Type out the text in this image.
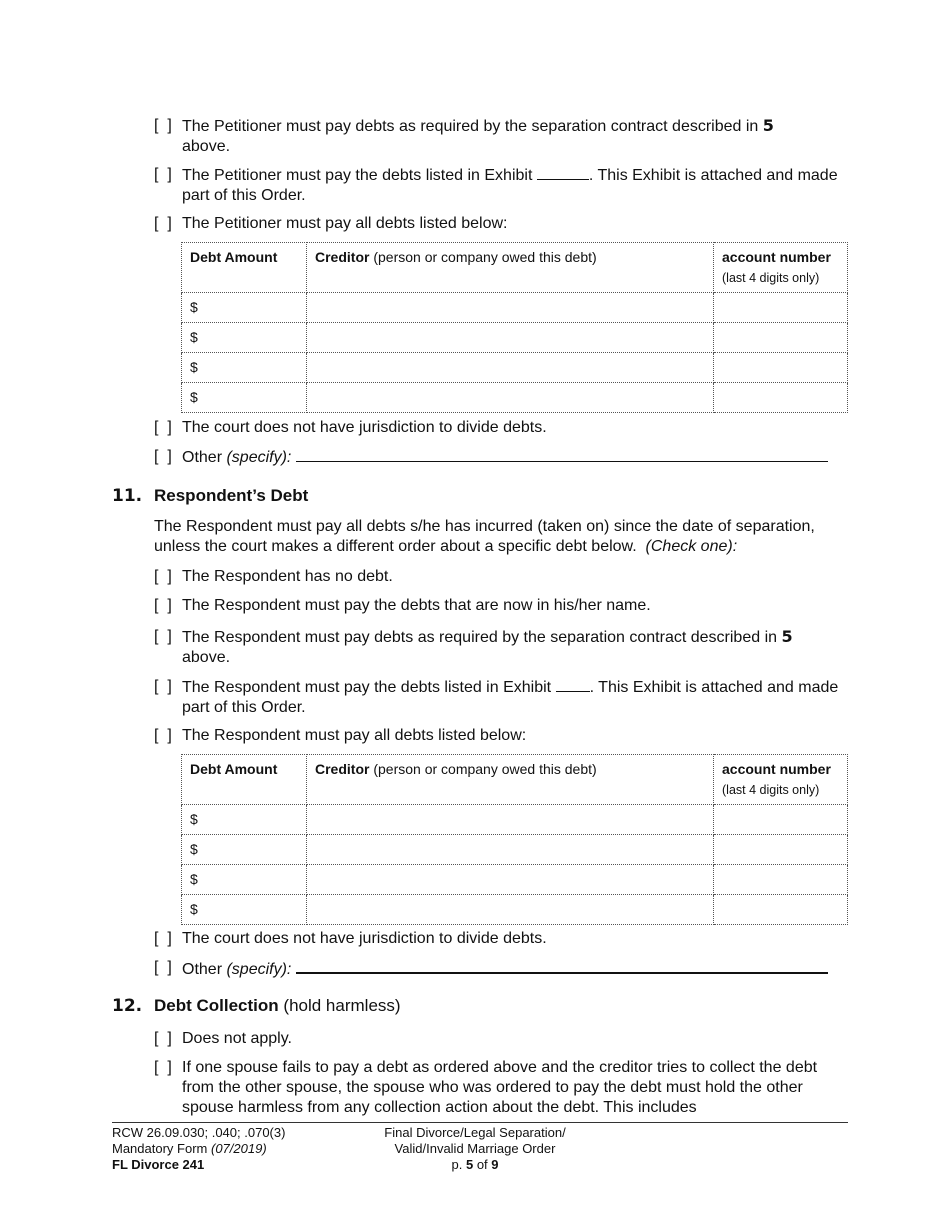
[  ] The Petitioner must pay debts as required by the separation contract described in 5
above.
[  ] The Petitioner must pay the debts listed in Exhibit	. This Exhibit is attached and made part of this Order.
[  ] The Petitioner must pay all debts listed below:
Debt Amount	Creditor (person or company owed this debt)	account number
(last 4 digits only)
$		
$		
$		
$		
[  ] The court does not have jurisdiction to divide debts.
[  ] Other (specify):
11. Respondent’s Debt
The Respondent must pay all debts s/he has incurred (taken on) since the date of separation, unless the court makes a different order about a specific debt below. (Check one):
[  ] The Respondent has no debt.
[  ] The Respondent must pay the debts that are now in his/her name.
[  ] The Respondent must pay debts as required by the separation contract described in 5
above.
[  ] The Respondent must pay the debts listed in Exhibit . This Exhibit is attached and made part of this Order.
[  ] The Respondent must pay all debts listed below:
Debt Amount	Creditor (person or company owed this debt)	account number
(last 4 digits only)
$		
$		
$		
$		
[  ] The court does not have jurisdiction to divide debts.
[  ] Other (specify):
12. Debt Collection (hold harmless)
[  ] Does not apply.
[  ] If one spouse fails to pay a debt as ordered above and the creditor tries to collect the debt from the other spouse, the spouse who was ordered to pay the debt must hold the other spouse harmless from any collection action about the debt. This includes
RCW 26.09.030; .040; .070(3)
Mandatory Form (07/2019)
FL Divorce 241
Final Divorce/Legal Separation/
Valid/Invalid Marriage Order
p. 5 of 9
